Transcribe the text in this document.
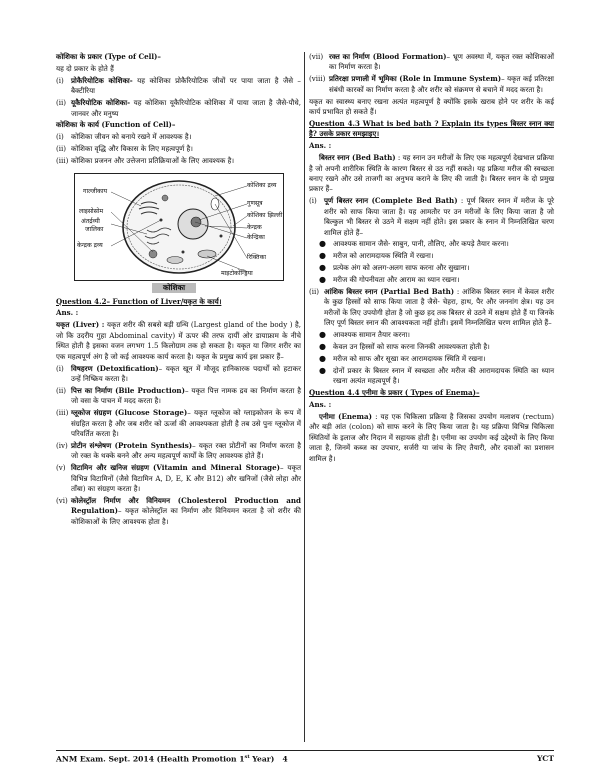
कोशिका के प्रकार (Type of Cell)–

यह दो प्रकार के होते हैं

(i)	प्रोकैरियोटिक कोशिका- यह कोशिका प्रोकैरियोटिक जीवों पर पाया जाता है जैसे – बैक्टीरिया
(ii) यूकैरियोटिक कोशिका- यह कोशिका यूकैरियोटिक कोशिका में पाया जाता है जैसे-पौधे, जानवर और मनुष्य

कोशिका के कार्य (Function of Cell)–

(i)	कोशिका जीवन को बनाये रखने में आवश्यक है।
(ii) कोशिका वृद्धि और विकास के लिए महत्वपूर्ण है।
(iii) कोशिका प्रजनन और उत्तेजना प्रतिक्रियाओं के लिए आवश्यक है।
गाल्जीकाय
लाइसोसोम
अंतर्द्रव्यी
जालिका
केन्द्रक द्रव्य
कोशिका द्रव्य
गुणसूत्र
कोशिका झिल्ली
केन्द्रक
केन्द्रिका
रिक्तिका
माइटोकोन्ड्रिया
कोशिका

Question 4.2– Function of Liver/यकृत के कार्य।

Ans. :

यकृत (Liver) : यकृत शरीर की सबसे बड़ी ग्रन्थि (Largest gland of the body ) है, जो कि उदरीय गुहा Abdominal cavity) में ऊपर की तरफ दायीं ओर डायाफ्राम के नीचे स्थित होती है इसका वजन लगभग 1.5 किलोग्राम तक हो सकता है। यकृत या जिगर शरीर का एक महत्वपूर्ण अंग है जो कई आवश्यक कार्य करता है। यकृत के प्रमुख कार्य इस प्रकार हैं–

(i)	विषहरण (Detoxification)– यकृत खून में मौजूद हानिकारक पदार्थों को हटाकर उन्हें निष्क्रिय करता है।
(ii) पित्त का निर्माण (Bile Production)– यकृत पित्त नामक द्रव का निर्माण करता है जो वसा के पाचन में मदद करता है।
(iii) ग्लूकोज संग्रहण (Glucose Storage)– यकृत ग्लूकोज को ग्लाइकोजन के रूप में संग्रहित करता है और जब शरीर को ऊर्जा की आवश्यकता होती है तब उसे पुनः ग्लूकोज में परिवर्तित करता है।
(iv) प्रोटीन संश्लेषण (Protein Synthesis)– यकृत रक्त प्रोटीनों का निर्माण करता है जो रक्त के थक्के बनने और अन्य महत्वपूर्ण कार्यों के लिए आवश्यक होते हैं।
(v) विटामिन और खनिज संग्रहण (Vitamin and Mineral Storage)– यकृत विभिन्न विटामिनों (जैसे विटामिन A, D, E, K और B12) और खनिजों (जैसे लोहा और ताँबा) का संग्रहण करता है।
(vi) कोलेस्ट्रॉल निर्माण और विनियमन (Cholesterol Production and Regulation)– यकृत कोलेस्ट्रॉल का निर्माण और विनियमन करता है जो शरीर की कोशिकाओं के लिए आवश्यक होता है।
(vii) रक्त का निर्माण (Blood Formation)– भ्रूण अवस्था में, यकृत रक्त कोशिकाओं का निर्माण करता है।
(viii) प्रतिरक्षा प्रणाली में भूमिका (Role in Immune System)– यकृत कई प्रतिरक्षा संबंधी कारकों का निर्माण करता है और शरीर को संक्रमण से बचाने में मदद करता है।

यकृत का स्वास्थ्य बनाए रखना अत्यंत महत्वपूर्ण है क्योंकि इसके खराब होने पर शरीर के कई कार्य प्रभावित हो सकते हैं।

Question 4.3 What is bed bath ? Explain its types बिस्तर स्नान क्या है? उसके प्रकार समझाइए।

Ans. :

बिस्तर स्नान (Bed Bath) : यह स्नान उन मरीजों के लिए एक महत्वपूर्ण देखभाल प्रक्रिया है जो अपनी शारीरिक स्थिति के कारण बिस्तर से उठ नहीं सकते। यह प्रक्रिया मरीज की स्वच्छता बनाए रखने और उसे ताजगी का अनुभव कराने के लिए की जाती है। बिस्तर स्नान के दो प्रमुख प्रकार हैं–

(i)	पूर्ण बिस्तर स्नान (Complete Bed Bath) : पूर्ण बिस्तर स्नान में मरीज के पूरे शरीर को साफ किया जाता है। यह आमतौर पर उन मरीजों के लिए किया जाता है जो बिल्कुल भी बिस्तर से उठने में सक्षम नहीं होते। इस प्रकार के स्नान में निम्नलिखित चरण शामिल होते हैं–
● आवश्यक सामान जैसे- साबुन, पानी, तौलिए, और कपड़े तैयार करना।
● मरीज को आरामदायक स्थिति में रखना।
● प्रत्येक अंग को अलग-अलग साफ करना और सुखाना।
● मरीज की गोपनीयता और आराम का ध्यान रखना।
(ii) आंशिक बिस्तर स्नान (Partial Bed Bath) : आंशिक बिस्तर स्नान में केवल शरीर के कुछ हिस्सों को साफ किया जाता है जैसे- चेहरा, हाथ, पैर और जननांग क्षेत्र। यह उन मरीजों के लिए उपयोगी होता है जो कुछ हद तक बिस्तर से उठने में सक्षम होते हैं या जिनके लिए पूर्ण बिस्तर स्नान की आवश्यकता नहीं होती। इसमें निम्नलिखित चरण शामिल होते हैं–
● आवश्यक सामान तैयार करना।
● केवल उन हिस्सों को साफ करना जिनकी आवश्यकता होती है।
● मरीज को साफ और सूखा कर आरामदायक स्थिति में रखना।
● दोनों प्रकार के बिस्तर स्नान में स्वच्छता और मरीज की आरामदायक स्थिति का ध्यान रखना अत्यंत महत्वपूर्ण है।

Question 4.4 एनीमा के प्रकार ( Types of Enema)–

Ans. :

एनीमा (Enema) : यह एक चिकित्सा प्रक्रिया है जिसका उपयोग मलाशय (rectum) और बड़ी आंत (colon) को साफ करने के लिए किया जाता है। यह प्रक्रिया विभिन्न चिकित्सा स्थितियों के इलाज और निदान में सहायक होती है। एनीमा का उपयोग कई उद्देश्यों के लिए किया जाता है, जिनमें कब्ज का उपचार, सर्जरी या जांच के लिए तैयारी, और दवाओं का प्रशासन शामिल है।

ANM Exam. Sept. 2014 (Health Promotion 1st Year) 4	YCT
